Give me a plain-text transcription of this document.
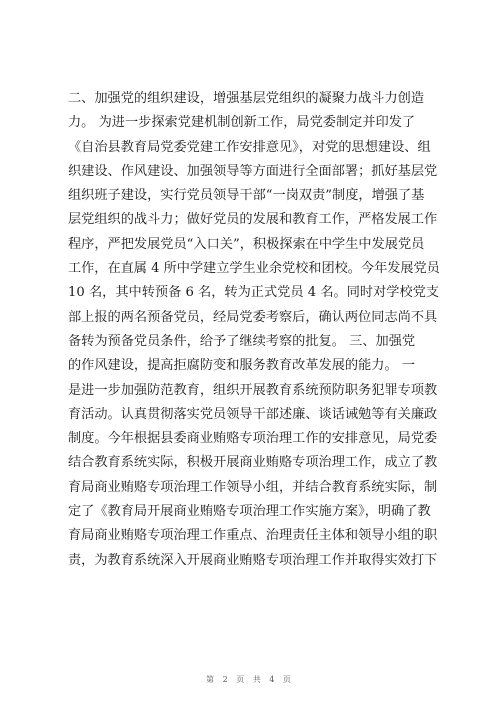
二、加强党的组织建设，增强基层党组织的凝聚力战斗力创造
力。 为进一步探索党建机制创新工作，局党委制定并印发了
《自治县教育局党委党建工作安排意见》，对党的思想建设、组
织建设、作风建设、加强领导等方面进行全面部署；抓好基层党
组织班子建设，实行党员领导干部“一岗双责”制度，增强了基
层党组织的战斗力；做好党员的发展和教育工作，严格发展工作
程序，严把发展党员“入口关”，积极探索在中学生中发展党员
工作，在直属 4 所中学建立学生业余党校和团校。今年发展党员
10 名，其中转预备 6 名，转为正式党员 4 名。同时对学校党支
部上报的两名预备党员，经局党委考察后，确认两位同志尚不具
备转为预备党员条件，给予了继续考察的批复。 三、加强党
的作风建设，提高拒腐防变和服务教育改革发展的能力。 一
是进一步加强防范教育，组织开展教育系统预防职务犯罪专项教
育活动。认真贯彻落实党员领导干部述廉、谈话诫勉等有关廉政
制度。今年根据县委商业贿赂专项治理工作的安排意见，局党委
结合教育系统实际，积极开展商业贿赂专项治理工作，成立了教
育局商业贿赂专项治理工作领导小组，并结合教育系统实际，制
定了《教育局开展商业贿赂专项治理工作实施方案》，明确了教
育局商业贿赂专项治理工作重点、治理责任主体和领导小组的职
责，为教育系统深入开展商业贿赂专项治理工作并取得实效打下
第 2 页 共 4 页
